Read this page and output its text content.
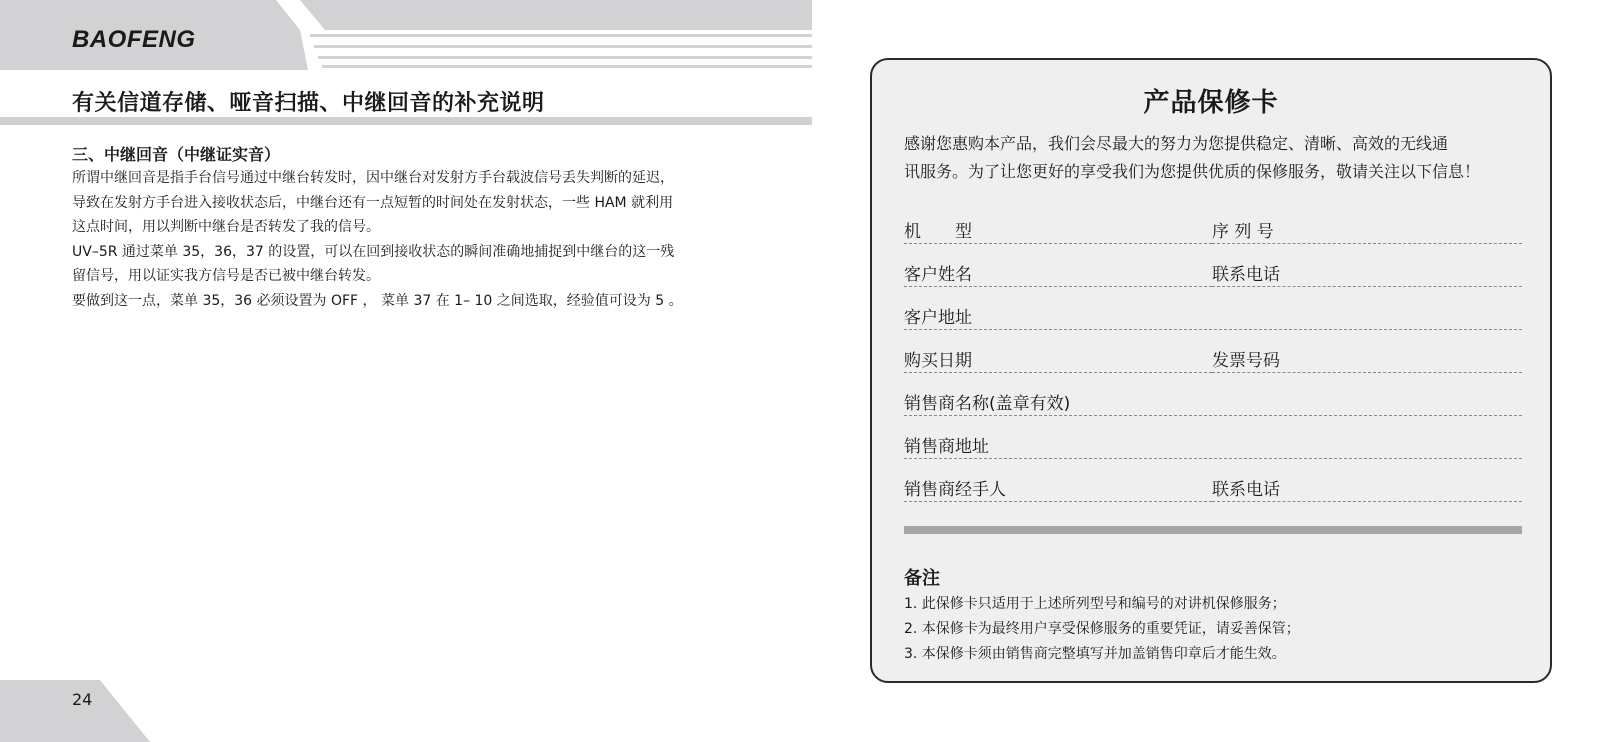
BAOFENG
有关信道存储、哑音扫描、中继回音的补充说明
三、中继回音（中继证实音）

所谓中继回音是指手台信号通过中继台转发时，因中继台对发射方手台载波信号丢失判断的延迟，

导致在发射方手台进入接收状态后，中继台还有一点短暂的时间处在发射状态，一些 HAM 就利用

这点时间，用以判断中继台是否转发了我的信号。

UV–5R 通过菜单 35，36，37 的设置，可以在回到接收状态的瞬间准确地捕捉到中继台的这一残

留信号，用以证实我方信号是否已被中继台转发。

要做到这一点，菜单 35，36 必须设置为 OFF ， 菜单 37 在 1– 10 之间选取，经验值可设为 5 。

24
产品保修卡
感谢您惠购本产品，我们会尽最大的努力为您提供稳定、清晰、高效的无线通
讯服务。为了让您更好的享受我们为您提供优质的保修服务，敬请关注以下信息！
机　　型	序 列 号
客户姓名	联系电话
客户地址
购买日期	发票号码
销售商名称(盖章有效)
销售商地址
销售商经手人	联系电话
备注
1. 此保修卡只适用于上述所列型号和编号的对讲机保修服务；
2. 本保修卡为最终用户享受保修服务的重要凭证，请妥善保管；
3. 本保修卡须由销售商完整填写并加盖销售印章后才能生效。
